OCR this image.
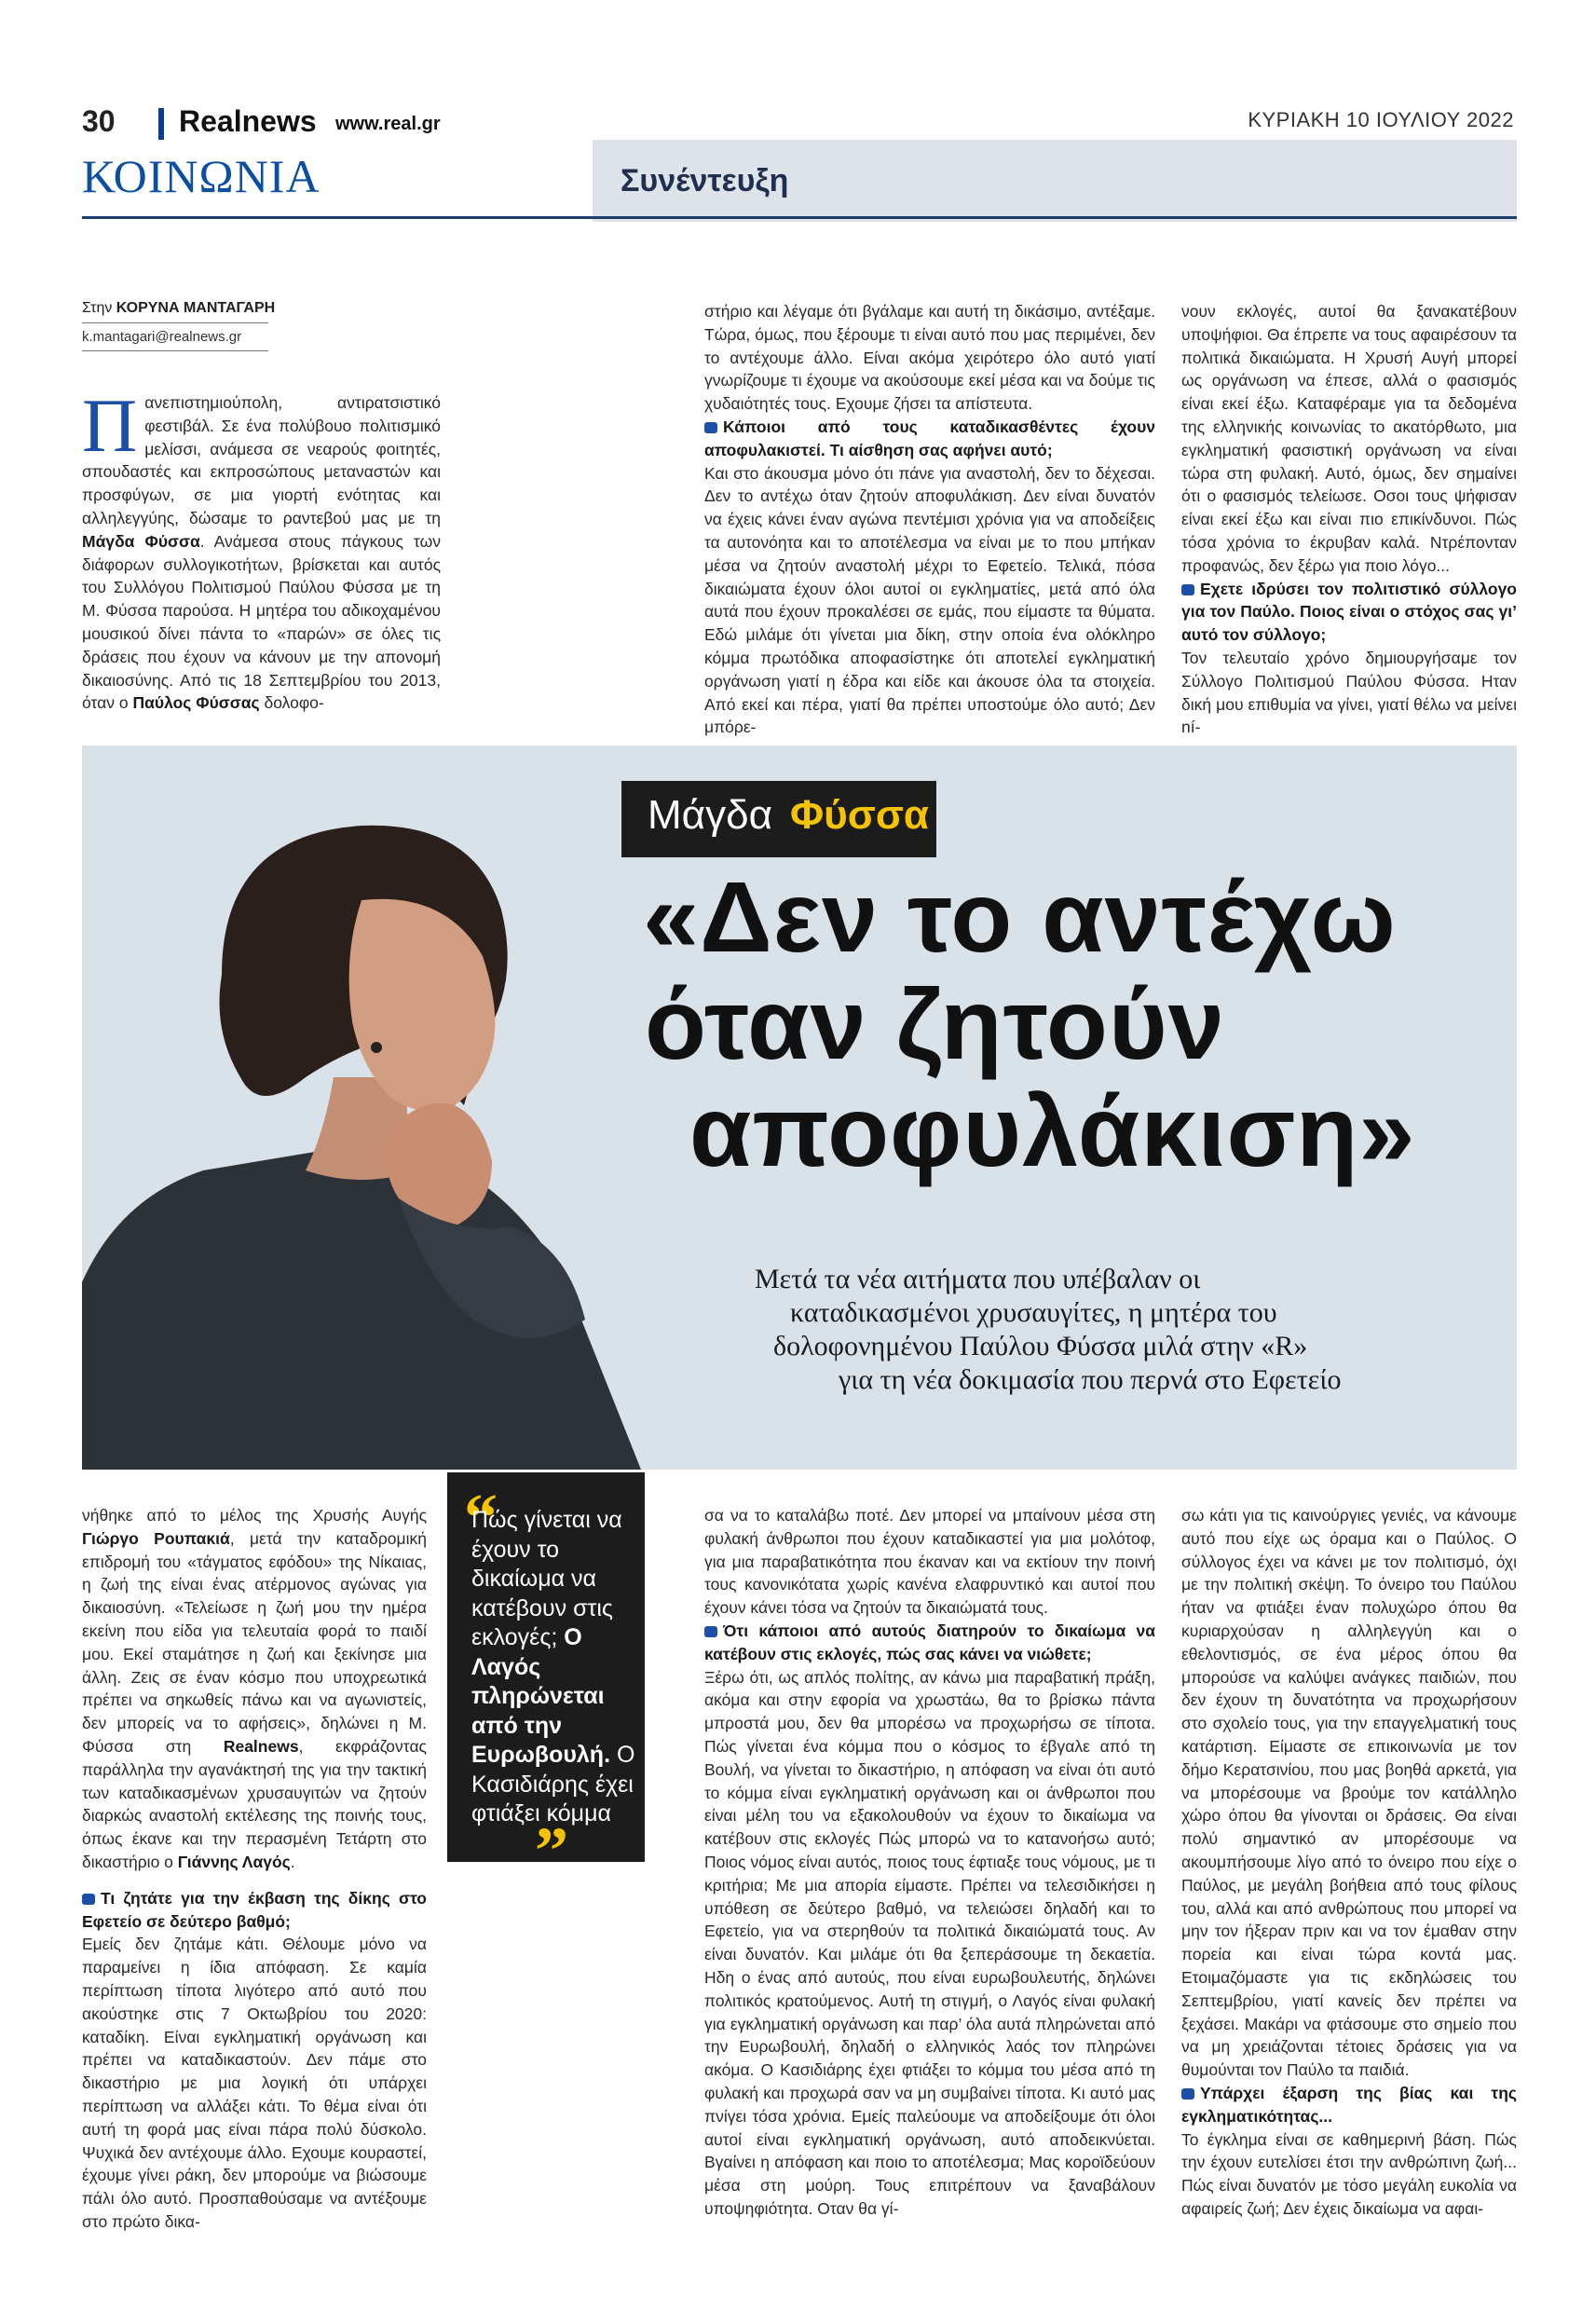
30 Realnews www.real.gr	ΚΥΡΙΑΚΗ 10 ΙΟΥΛΙΟΥ 2022
ΚΟΙΝΩΝΙΑ	Συνέντευξη
Στην ΚΟΡΥΝΑ ΜΑΝΤΑΓΑΡΗ
k.mantagari@realnews.gr

Πανεπιστημιούπολη, αντιρατσιστικό φεστιβάλ. Σε ένα πολύβουο πολιτισμικό μελίσσι, ανάμεσα σε νεαρούς φοιτητές, σπουδαστές και εκπροσώπους μεταναστών και προσφύγων, σε μια γιορτή ενότητας και αλληλεγγύης, δώσαμε το ραντεβού μας με τη Μάγδα Φύσσα. Ανάμεσα στους πάγκους των διάφορων συλλογικοτήτων, βρίσκεται και αυτός του Συλλόγου Πολιτισμού Παύλου Φύσσα με τη Μ. Φύσσα παρούσα. Η μητέρα του αδικοχαμένου μουσικού δίνει πάντα το «παρών» σε όλες τις δράσεις που έχουν να κάνουν με την απονομή δικαιοσύνης. Από τις 18 Σεπτεμβρίου του 2013, όταν ο Παύλος Φύσσας δολοφο-

στήριο και λέγαμε ότι βγάλαμε και αυτή τη δικάσιμο, αντέξαμε. Τώρα, όμως, που ξέρουμε τι είναι αυτό που μας περιμένει, δεν το αντέχουμε άλλο. Είναι ακόμα χειρότερο όλο αυτό γιατί γνωρίζουμε τι έχουμε να ακούσουμε εκεί μέσα και να δούμε τις χυδαιότητές τους. Εχουμε ζήσει τα απίστευτα.

Κάποιοι από τους καταδικασθέντες έχουν αποφυλακιστεί. Τι αίσθηση σας αφήνει αυτό;

Και στο άκουσμα μόνο ότι πάνε για αναστολή, δεν το δέχεσαι. Δεν το αντέχω όταν ζητούν αποφυλάκιση. Δεν είναι δυνατόν να έχεις κάνει έναν αγώνα πεντέμισι χρόνια για να αποδείξεις τα αυτονόητα και το αποτέλεσμα να είναι με το που μπήκαν μέσα να ζητούν αναστολή μέχρι το Εφετείο. Τελικά, πόσα δικαιώματα έχουν όλοι αυτοί οι εγκληματίες, μετά από όλα αυτά που έχουν προκαλέσει σε εμάς, που είμαστε τα θύματα. Εδώ μιλάμε ότι γίνεται μια δίκη, στην οποία ένα ολόκληρο κόμμα πρωτόδικα αποφασίστηκε ότι αποτελεί εγκληματική οργάνωση γιατί η έδρα και είδε και άκουσε όλα τα στοιχεία. Από εκεί και πέρα, γιατί θα πρέπει υποστούμε όλο αυτό; Δεν μπόρε-

νουν εκλογές, αυτοί θα ξανακατέβουν υποψήφιοι. Θα έπρεπε να τους αφαιρέσουν τα πολιτικά δικαιώματα. Η Χρυσή Αυγή μπορεί ως οργάνωση να έπεσε, αλλά ο φασισμός είναι εκεί έξω. Καταφέραμε για τα δεδομένα της ελληνικής κοινωνίας το ακατόρθωτο, μια εγκληματική φασιστική οργάνωση να είναι τώρα στη φυλακή. Αυτό, όμως, δεν σημαίνει ότι ο φασισμός τελείωσε. Οσοι τους ψήφισαν είναι εκεί έξω και είναι πιο επικίνδυνοι. Πώς τόσα χρόνια το έκρυβαν καλά. Ντρέπονταν προφανώς, δεν ξέρω για ποιο λόγο...

Εχετε ιδρύσει τον πολιτιστικό σύλλογο για τον Παύλο. Ποιος είναι ο στόχος σας γι’ αυτό τον σύλλογο;

Τον τελευταίο χρόνο δημιουργήσαμε τον Σύλλογο Πολιτισμού Παύλου Φύσσα. Ηταν δική μου επιθυμία να γίνει, γιατί θέλω να μείνει ní-

Μάγδα Φύσσα
«Δεν το αντέχω
όταν ζητούν
αποφυλάκιση»
Μετά τα νέα αιτήματα που υπέβαλαν οι
καταδικασμένοι χρυσαυγίτες, η μητέρα του
δολοφονημένου Παύλου Φύσσα μιλά στην «R»
για τη νέα δοκιμασία που περνά στο Εφετείο

νήθηκε από το μέλος της Χρυσής Αυγής Γιώργο Ρουπακιά, μετά την καταδρομική επιδρομή του «τάγματος εφόδου» της Νίκαιας, η ζωή της είναι ένας ατέρμονος αγώνας για δικαιοσύνη. «Τελείωσε η ζωή μου την ημέρα εκείνη που είδα για τελευταία φορά το παιδί μου. Εκεί σταμάτησε η ζωή και ξεκίνησε μια άλλη. Ζεις σε έναν κόσμο που υποχρεωτικά πρέπει να σηκωθείς πάνω και να αγωνιστείς, δεν μπορείς να το αφήσεις», δηλώνει η Μ. Φύσσα στη Realnews, εκφράζοντας παράλληλα την αγανάκτησή της για την τακτική των καταδικασμένων χρυσαυγιτών να ζητούν διαρκώς αναστολή εκτέλεσης της ποινής τους, όπως έκανε και την περασμένη Τετάρτη στο δικαστήριο ο Γιάννης Λαγός.

Τι ζητάτε για την έκβαση της δίκης στο Εφετείο σε δεύτερο βαθμό;

Εμείς δεν ζητάμε κάτι. Θέλουμε μόνο να παραμείνει η ίδια απόφαση. Σε καμία περίπτωση τίποτα λιγότερο από αυτό που ακούστηκε στις 7 Οκτωβρίου του 2020: καταδίκη. Είναι εγκληματική οργάνωση και πρέπει να καταδικαστούν. Δεν πάμε στο δικαστήριο με μια λογική ότι υπάρχει περίπτωση να αλλάξει κάτι. Το θέμα είναι ότι αυτή τη φορά μας είναι πάρα πολύ δύσκολο. Ψυχικά δεν αντέχουμε άλλο. Εχουμε κουραστεί, έχουμε γίνει ράκη, δεν μπορούμε να βιώσουμε πάλι όλο αυτό. Προσπαθούσαμε να αντέξουμε στο πρώτο δικα-

“
Πώς γίνεται να έχουν το δικαίωμα να κατέβουν στις εκλογές; Ο Λαγός πληρώνεται από την Ευρωβουλή. Ο Κασιδιάρης έχει φτιάξει κόμμα
”

σα να το καταλάβω ποτέ. Δεν μπορεί να μπαίνουν μέσα στη φυλακή άνθρωποι που έχουν καταδικαστεί για μια μολότοφ, για μια παραβατικότητα που έκαναν και να εκτίουν την ποινή τους κανονικότατα χωρίς κανένα ελαφρυντικό και αυτοί που έχουν κάνει τόσα να ζητούν τα δικαιώματά τους.

Ότι κάποιοι από αυτούς διατηρούν το δικαίωμα να κατέβουν στις εκλογές, πώς σας κάνει να νιώθετε;

Ξέρω ότι, ως απλός πολίτης, αν κάνω μια παραβατική πράξη, ακόμα και στην εφορία να χρωστάω, θα το βρίσκω πάντα μπροστά μου, δεν θα μπορέσω να προχωρήσω σε τίποτα. Πώς γίνεται ένα κόμμα που ο κόσμος το έβγαλε από τη Βουλή, να γίνεται το δικαστήριο, η απόφαση να είναι ότι αυτό το κόμμα είναι εγκληματική οργάνωση και οι άνθρωποι που είναι μέλη του να εξακολουθούν να έχουν το δικαίωμα να κατέβουν στις εκλογές Πώς μπορώ να το κατανοήσω αυτό; Ποιος νόμος είναι αυτός, ποιος τους έφτιαξε τους νόμους, με τι κριτήρια; Με μια απορία είμαστε. Πρέπει να τελεσιδικήσει η υπόθεση σε δεύτερο βαθμό, να τελειώσει δηλαδή και το Εφετείο, για να στερηθούν τα πολιτικά δικαιώματά τους. Αν είναι δυνατόν. Και μιλάμε ότι θα ξεπεράσουμε τη δεκαετία. Ηδη ο ένας από αυτούς, που είναι ευρωβουλευτής, δηλώνει πολιτικός κρατούμενος. Αυτή τη στιγμή, ο Λαγός είναι φυλακή για εγκληματική οργάνωση και παρ’ όλα αυτά πληρώνεται από την Ευρωβουλή, δηλαδή ο ελληνικός λαός τον πληρώνει ακόμα. Ο Κασιδιάρης έχει φτιάξει το κόμμα του μέσα από τη φυλακή και προχωρά σαν να μη συμβαίνει τίποτα. Κι αυτό μας πνίγει τόσα χρόνια. Εμείς παλεύουμε να αποδείξουμε ότι όλοι αυτοί είναι εγκληματική οργάνωση, αυτό αποδεικνύεται. Βγαίνει η απόφαση και ποιο το αποτέλεσμα; Μας κοροϊδεύουν μέσα στη μούρη. Τους επιτρέπουν να ξαναβάλουν υποψηφιότητα. Οταν θα γί-

σω κάτι για τις καινούργιες γενιές, να κάνουμε αυτό που είχε ως όραμα και ο Παύλος. Ο σύλλογος έχει να κάνει με τον πολιτισμό, όχι με την πολιτική σκέψη. Το όνειρο του Παύλου ήταν να φτιάξει έναν πολυχώρο όπου θα κυριαρχούσαν η αλληλεγγύη και ο εθελοντισμός, σε ένα μέρος όπου θα μπορούσε να καλύψει ανάγκες παιδιών, που δεν έχουν τη δυνατότητα να προχωρήσουν στο σχολείο τους, για την επαγγελματική τους κατάρτιση. Είμαστε σε επικοινωνία με τον δήμο Κερατσινίου, που μας βοηθά αρκετά, για να μπορέσουμε να βρούμε τον κατάλληλο χώρο όπου θα γίνονται οι δράσεις. Θα είναι πολύ σημαντικό αν μπορέσουμε να ακουμπήσουμε λίγο από το όνειρο που είχε ο Παύλος, με μεγάλη βοήθεια από τους φίλους του, αλλά και από ανθρώπους που μπορεί να μην τον ήξεραν πριν και να τον έμαθαν στην πορεία και είναι τώρα κοντά μας. Ετοιμαζόμαστε για τις εκδηλώσεις του Σεπτεμβρίου, γιατί κανείς δεν πρέπει να ξεχάσει. Μακάρι να φτάσουμε στο σημείο που να μη χρειάζονται τέτοιες δράσεις για να θυμούνται τον Παύλο τα παιδιά.

Υπάρχει έξαρση της βίας και της εγκληματικότητας...

Το έγκλημα είναι σε καθημερινή βάση. Πώς την έχουν ευτελίσει έτσι την ανθρώπινη ζωή... Πώς είναι δυνατόν με τόσο μεγάλη ευκολία να αφαιρείς ζωή; Δεν έχεις δικαίωμα να αφαι-
